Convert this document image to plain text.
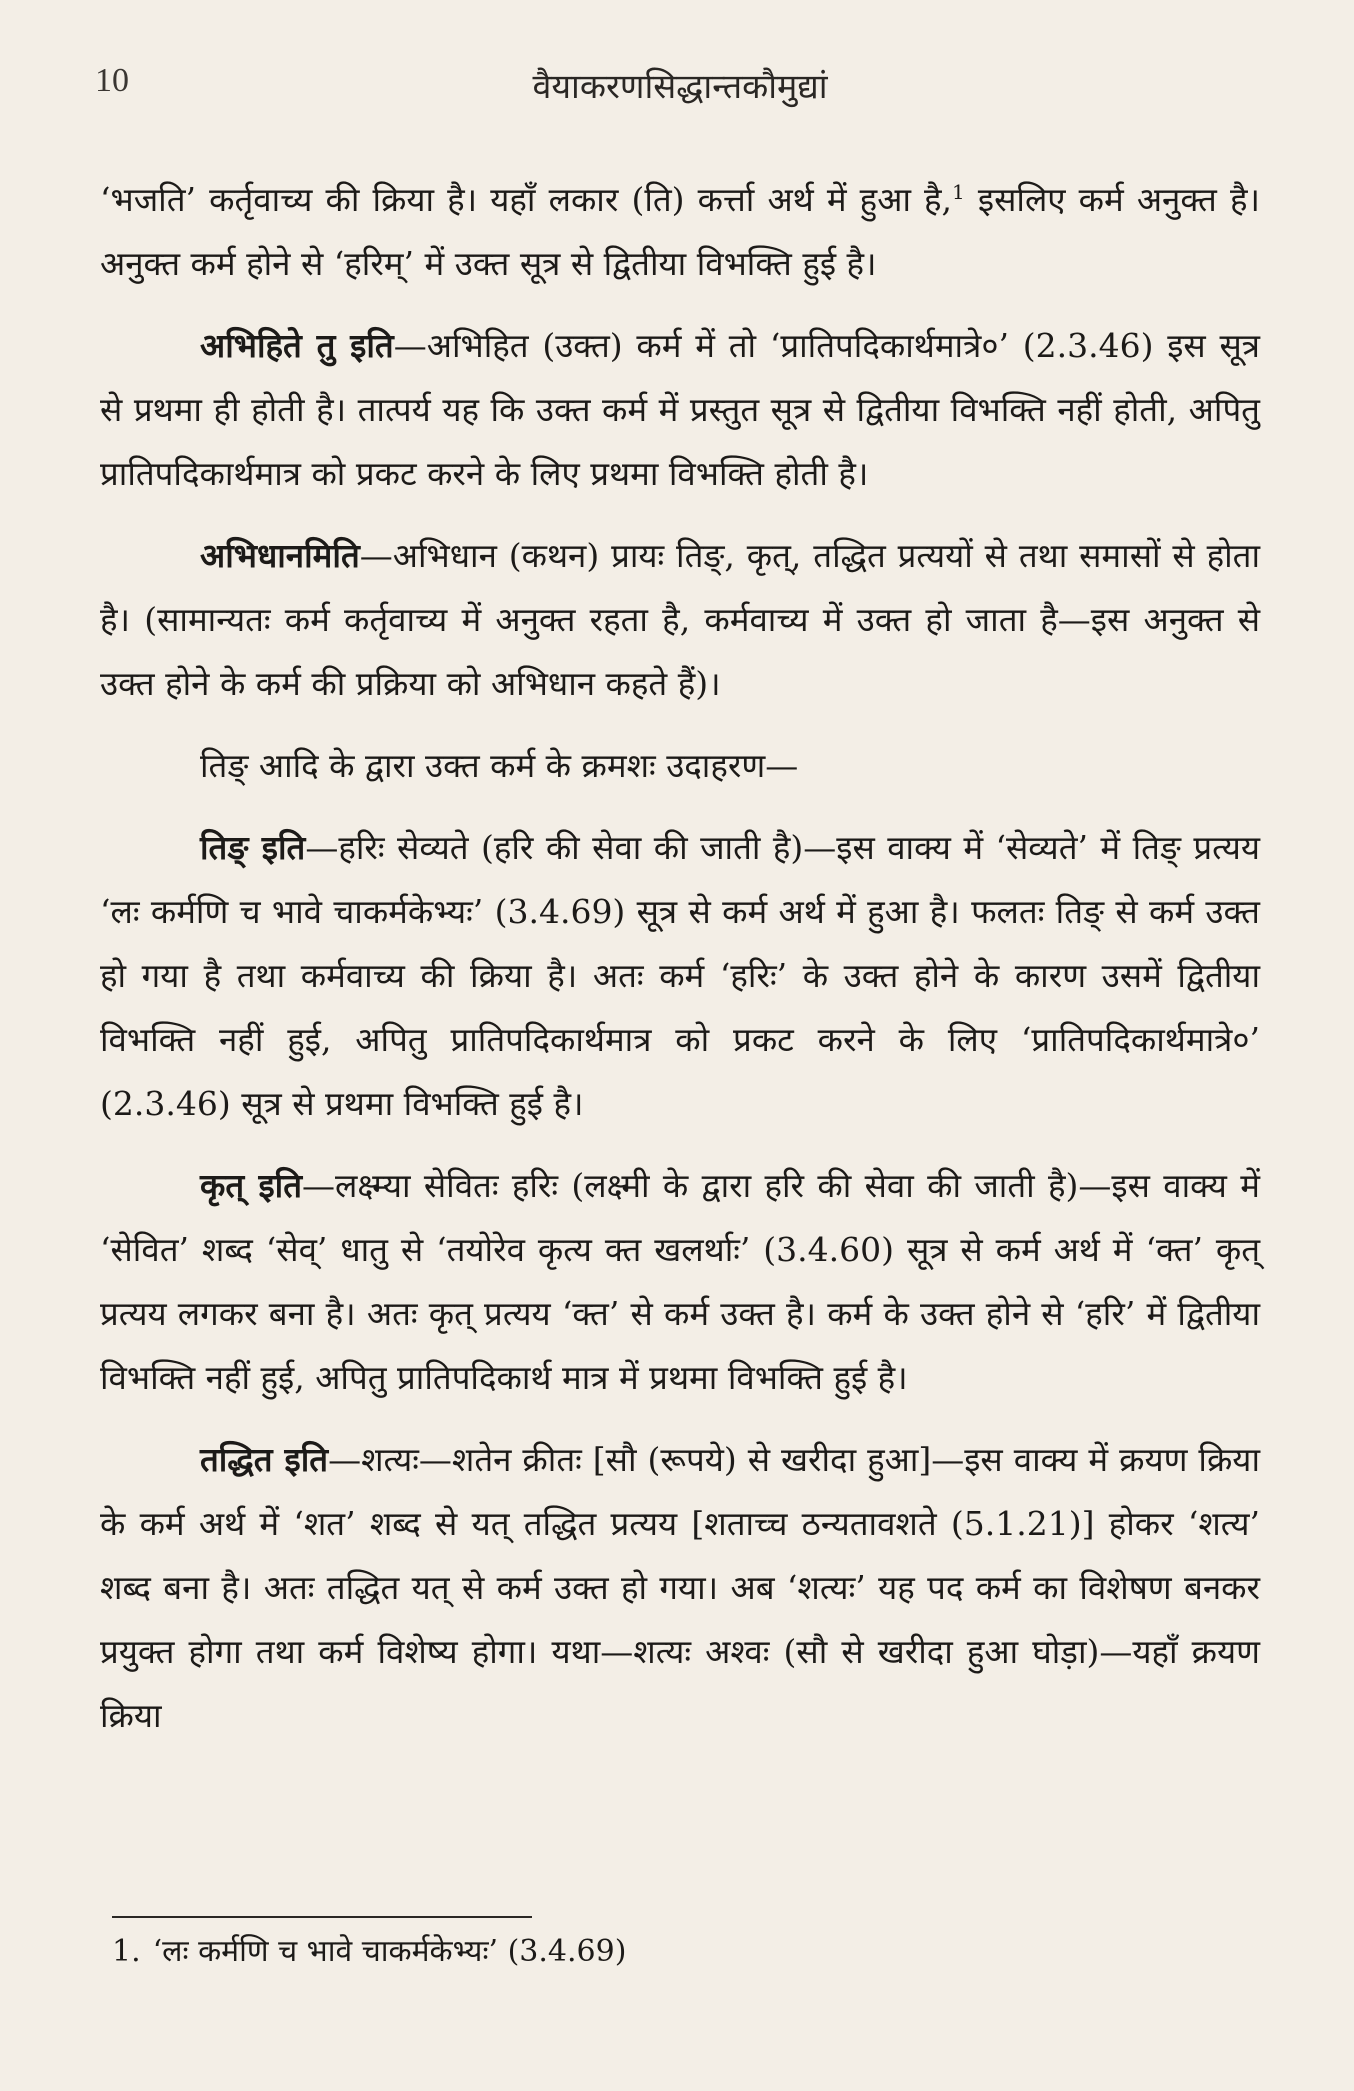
10	वैयाकरणसिद्धान्तकौमुद्यां

‘भजति’ कर्तृवाच्य की क्रिया है। यहाँ लकार (ति) कर्त्ता अर्थ में हुआ है,$^1$ इसलिए कर्म अनुक्त है। अनुक्त कर्म होने से ‘हरिम्’ में उक्त सूत्र से द्वितीया विभक्ति हुई है।

अभिहिते तु इति—अभिहित (उक्त) कर्म में तो ‘प्रातिपदिकार्थमात्रे०’ (2.3.46) इस सूत्र से प्रथमा ही होती है। तात्पर्य यह कि उक्त कर्म में प्रस्तुत सूत्र से द्वितीया विभक्ति नहीं होती, अपितु प्रातिपदिकार्थमात्र को प्रकट करने के लिए प्रथमा विभक्ति होती है।

अभिधानमिति—अभिधान (कथन) प्रायः तिङ्, कृत्, तद्धित प्रत्ययों से तथा समासों से होता है। (सामान्यतः कर्म कर्तृवाच्य में अनुक्त रहता है, कर्मवाच्य में उक्त हो जाता है—इस अनुक्त से उक्त होने के कर्म की प्रक्रिया को अभिधान कहते हैं)।

तिङ् आदि के द्वारा उक्त कर्म के क्रमशः उदाहरण—

तिङ् इति—हरिः सेव्यते (हरि की सेवा की जाती है)—इस वाक्य में ‘सेव्यते’ में तिङ् प्रत्यय ‘लः कर्मणि च भावे चाकर्मकेभ्यः’ (3.4.69) सूत्र से कर्म अर्थ में हुआ है। फलतः तिङ् से कर्म उक्त हो गया है तथा कर्मवाच्य की क्रिया है। अतः कर्म ‘हरिः’ के उक्त होने के कारण उसमें द्वितीया विभक्ति नहीं हुई, अपितु प्रातिपदिकार्थमात्र को प्रकट करने के लिए ‘प्रातिपदिकार्थमात्रे०’ (2.3.46) सूत्र से प्रथमा विभक्ति हुई है।

कृत् इति—लक्ष्म्या सेवितः हरिः (लक्ष्मी के द्वारा हरि की सेवा की जाती है)—इस वाक्य में ‘सेवित’ शब्द ‘सेव्’ धातु से ‘तयोरेव कृत्य क्त खलर्थाः’ (3.4.60) सूत्र से कर्म अर्थ में ‘क्त’ कृत् प्रत्यय लगकर बना है। अतः कृत् प्रत्यय ‘क्त’ से कर्म उक्त है। कर्म के उक्त होने से ‘हरि’ में द्वितीया विभक्ति नहीं हुई, अपितु प्रातिपदिकार्थ मात्र में प्रथमा विभक्ति हुई है।

तद्धित इति—शत्यः—शतेन क्रीतः [सौ (रूपये) से खरीदा हुआ]—इस वाक्य में क्रयण क्रिया के कर्म अर्थ में ‘शत’ शब्द से यत् तद्धित प्रत्यय [शताच्च ठन्यतावशते (5.1.21)] होकर ‘शत्य’ शब्द बना है। अतः तद्धित यत् से कर्म उक्त हो गया। अब ‘शत्यः’ यह पद कर्म का विशेषण बनकर प्रयुक्त होगा तथा कर्म विशेष्य होगा। यथा—शत्यः अश्वः (सौ से खरीदा हुआ घोड़ा)—यहाँ क्रयण क्रिया

1. ‘लः कर्मणि च भावे चाकर्मकेभ्यः’ (3.4.69)
